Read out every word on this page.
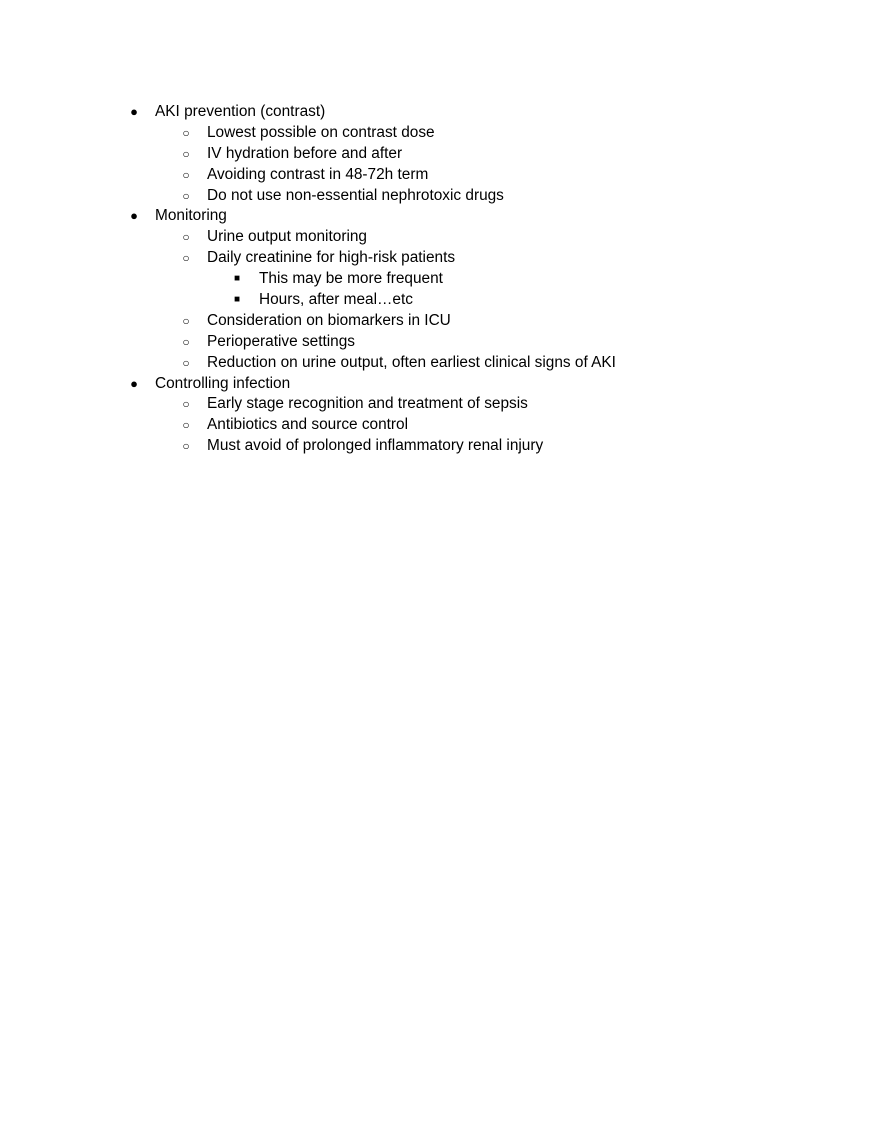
● AKI prevention (contrast)
○ Lowest possible on contrast dose
○ IV hydration before and after
○ Avoiding contrast in 48-72h term
○ Do not use non-essential nephrotoxic drugs
● Monitoring
○ Urine output monitoring
○ Daily creatinine for high-risk patients
■	This may be more frequent
■	Hours, after meal…etc
○ Consideration on biomarkers in ICU
○ Perioperative settings
○ Reduction on urine output, often earliest clinical signs of AKI
● Controlling infection
○ Early stage recognition and treatment of sepsis
○ Antibiotics and source control
○ Must avoid of prolonged inflammatory renal injury
